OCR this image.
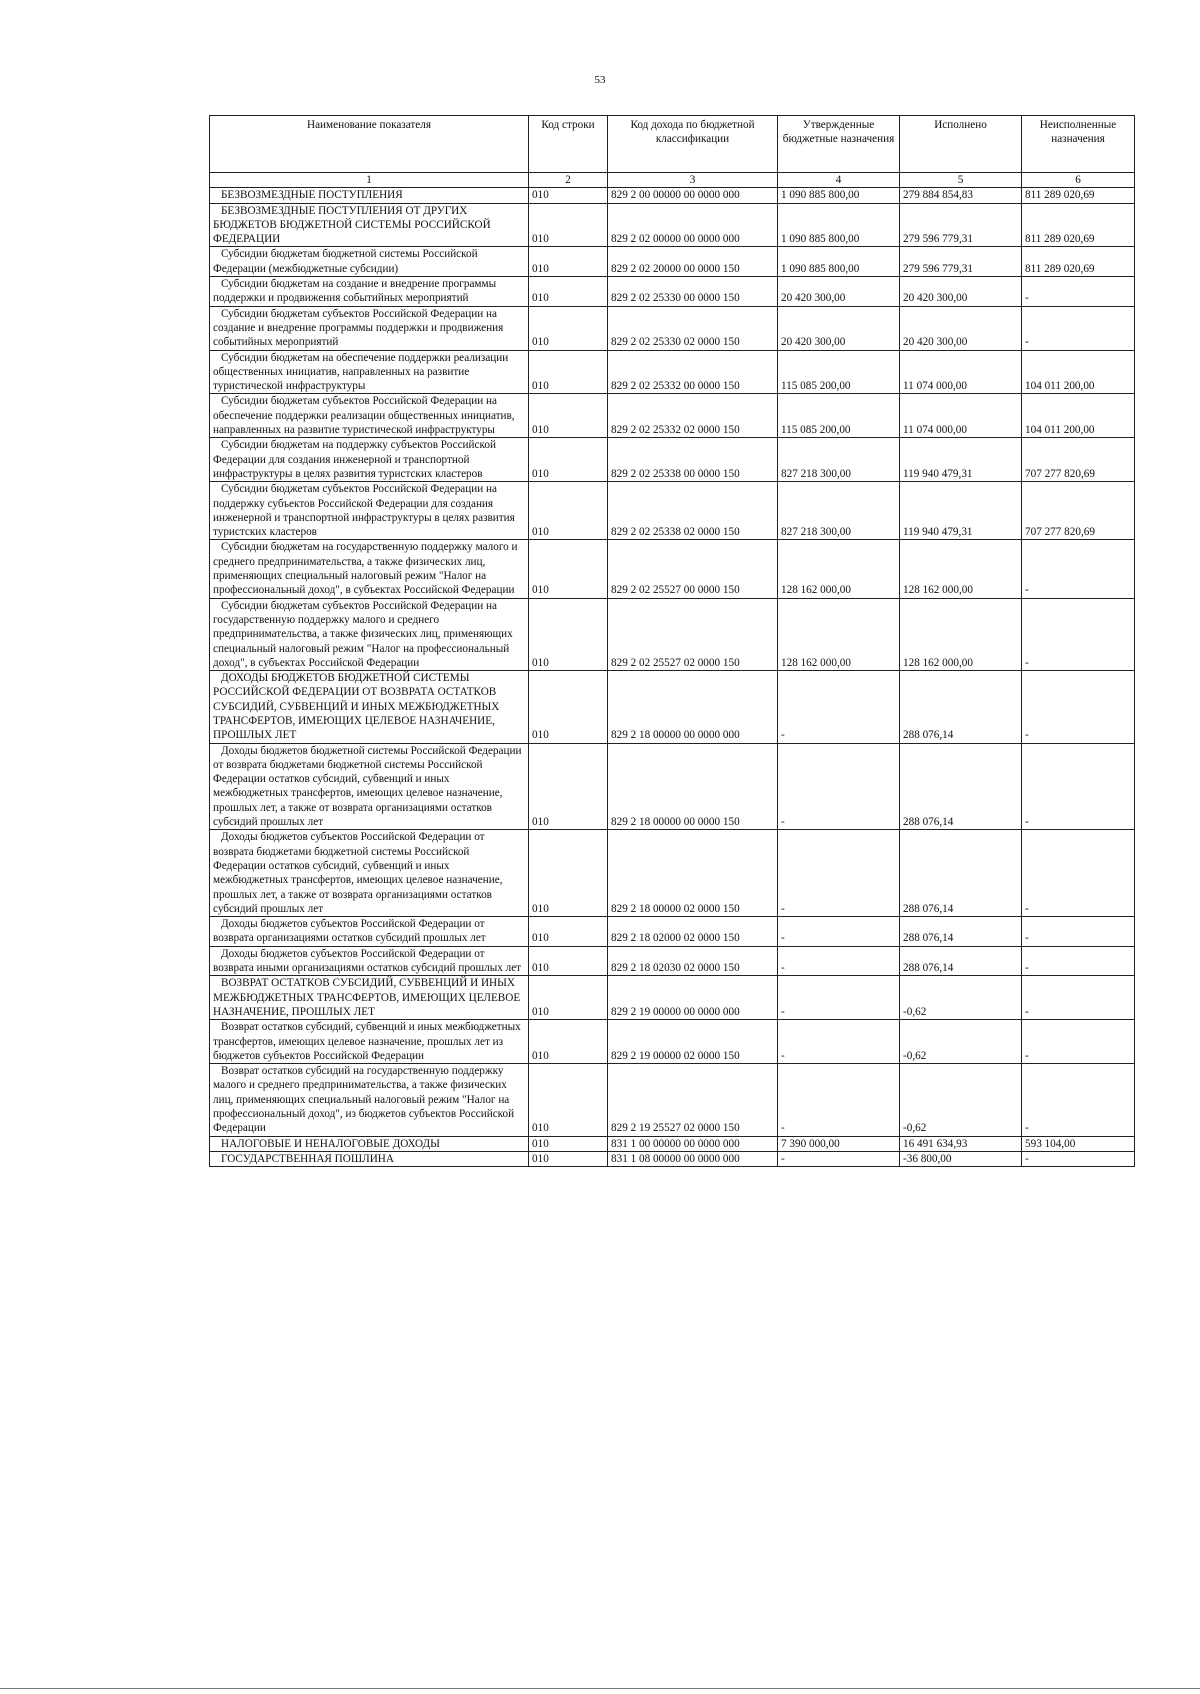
53
Наименование показателя	Код строки	Код дохода по бюджетной классификации	Утвержденные бюджетные назначения	Исполнено	Неисполненные назначения
1	2	3	4	5	6
БЕЗВОЗМЕЗДНЫЕ ПОСТУПЛЕНИЯ	010	829 2 00 00000 00 0000 000	1 090 885 800,00	279 884 854,83	811 289 020,69
БЕЗВОЗМЕЗДНЫЕ ПОСТУПЛЕНИЯ ОТ ДРУГИХ БЮДЖЕТОВ БЮДЖЕТНОЙ СИСТЕМЫ РОССИЙСКОЙ ФЕДЕРАЦИИ	010	829 2 02 00000 00 0000 000	1 090 885 800,00	279 596 779,31	811 289 020,69
Субсидии бюджетам бюджетной системы Российской Федерации (межбюджетные субсидии)	010	829 2 02 20000 00 0000 150	1 090 885 800,00	279 596 779,31	811 289 020,69
Субсидии бюджетам на создание и внедрение программы поддержки и продвижения событийных мероприятий	010	829 2 02 25330 00 0000 150	20 420 300,00	20 420 300,00	-
Субсидии бюджетам субъектов Российской Федерации на создание и внедрение программы поддержки и продвижения событийных мероприятий	010	829 2 02 25330 02 0000 150	20 420 300,00	20 420 300,00	-
Субсидии бюджетам на обеспечение поддержки реализации общественных инициатив, направленных на развитие туристической инфраструктуры	010	829 2 02 25332 00 0000 150	115 085 200,00	11 074 000,00	104 011 200,00
Субсидии бюджетам субъектов Российской Федерации на обеспечение поддержки реализации общественных инициатив, направленных на развитие туристической инфраструктуры	010	829 2 02 25332 02 0000 150	115 085 200,00	11 074 000,00	104 011 200,00
Субсидии бюджетам на поддержку субъектов Российской Федерации для создания инженерной и транспортной инфраструктуры в целях развития туристских кластеров	010	829 2 02 25338 00 0000 150	827 218 300,00	119 940 479,31	707 277 820,69
Субсидии бюджетам субъектов Российской Федерации на поддержку субъектов Российской Федерации для создания инженерной и транспортной инфраструктуры в целях развития туристских кластеров	010	829 2 02 25338 02 0000 150	827 218 300,00	119 940 479,31	707 277 820,69
Субсидии бюджетам на государственную поддержку малого и среднего предпринимательства, а также физических лиц, применяющих специальный налоговый режим "Налог на профессиональный доход", в субъектах Российской Федерации	010	829 2 02 25527 00 0000 150	128 162 000,00	128 162 000,00	-
Субсидии бюджетам субъектов Российской Федерации на государственную поддержку малого и среднего предпринимательства, а также физических лиц, применяющих специальный налоговый режим "Налог на профессиональный доход", в субъектах Российской Федерации	010	829 2 02 25527 02 0000 150	128 162 000,00	128 162 000,00	-
ДОХОДЫ БЮДЖЕТОВ БЮДЖЕТНОЙ СИСТЕМЫ РОССИЙСКОЙ ФЕДЕРАЦИИ ОТ ВОЗВРАТА ОСТАТКОВ СУБСИДИЙ, СУБВЕНЦИЙ И ИНЫХ МЕЖБЮДЖЕТНЫХ ТРАНСФЕРТОВ, ИМЕЮЩИХ ЦЕЛЕВОЕ НАЗНАЧЕНИЕ, ПРОШЛЫХ ЛЕТ	010	829 2 18 00000 00 0000 000	-	288 076,14	-
Доходы бюджетов бюджетной системы Российской Федерации от возврата бюджетами бюджетной системы Российской Федерации остатков субсидий, субвенций и иных межбюджетных трансфертов, имеющих целевое назначение, прошлых лет, а также от возврата организациями остатков субсидий прошлых лет	010	829 2 18 00000 00 0000 150	-	288 076,14	-
Доходы бюджетов субъектов Российской Федерации от возврата бюджетами бюджетной системы Российской Федерации остатков субсидий, субвенций и иных межбюджетных трансфертов, имеющих целевое назначение, прошлых лет, а также от возврата организациями остатков субсидий прошлых лет	010	829 2 18 00000 02 0000 150	-	288 076,14	-
Доходы бюджетов субъектов Российской Федерации от возврата организациями остатков субсидий прошлых лет	010	829 2 18 02000 02 0000 150	-	288 076,14	-
Доходы бюджетов субъектов Российской Федерации от возврата иными организациями остатков субсидий прошлых лет	010	829 2 18 02030 02 0000 150	-	288 076,14	-
ВОЗВРАТ ОСТАТКОВ СУБСИДИЙ, СУБВЕНЦИЙ И ИНЫХ МЕЖБЮДЖЕТНЫХ ТРАНСФЕРТОВ, ИМЕЮЩИХ ЦЕЛЕВОЕ НАЗНАЧЕНИЕ, ПРОШЛЫХ ЛЕТ	010	829 2 19 00000 00 0000 000	-	-0,62	-
Возврат остатков субсидий, субвенций и иных межбюджетных трансфертов, имеющих целевое назначение, прошлых лет из бюджетов субъектов Российской Федерации	010	829 2 19 00000 02 0000 150	-	-0,62	-
Возврат остатков субсидий на государственную поддержку малого и среднего предпринимательства, а также физических лиц, применяющих специальный налоговый режим "Налог на профессиональный доход", из бюджетов субъектов Российской Федерации	010	829 2 19 25527 02 0000 150	-	-0,62	-
НАЛОГОВЫЕ И НЕНАЛОГОВЫЕ ДОХОДЫ	010	831 1 00 00000 00 0000 000	7 390 000,00	16 491 634,93	593 104,00
ГОСУДАРСТВЕННАЯ ПОШЛИНА	010	831 1 08 00000 00 0000 000	-	-36 800,00	-
